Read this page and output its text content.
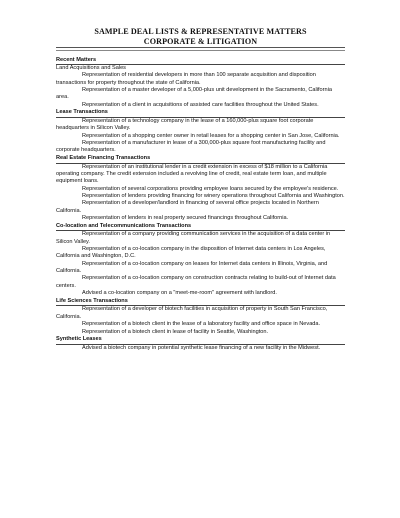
SAMPLE DEAL LISTS & REPRESENTATIVE MATTERS
CORPORATE & LITIGATION
Recent Matters
Land Acquisitions and Sales

Representation of residential developers in more than 100 separate acquisition and disposition transactions for property throughout the state of California.

Representation of a master developer of a 5,000-plus unit development in the Sacramento, California area.

Representation of a client in acquisitions of assisted care facilities throughout the United States.

Lease Transactions

Representation of a technology company in the lease of a 160,000-plus square foot corporate headquarters in Silicon Valley.

Representation of a shopping center owner in retail leases for a shopping center in San Jose, California.

Representation of a manufacturer in lease of a 300,000-plus square foot manufacturing facility and corporate headquarters.

Real Estate Financing Transactions

Representation of an institutional lender in a credit extension in excess of $18 million to a California operating company. The credit extension included a revolving line of credit, real estate term loan, and multiple equipment loans.

Representation of several corporations providing employee loans secured by the employee's residence.

Representation of lenders providing financing for winery operations throughout California and Washington.

Representation of a developer/landlord in financing of several office projects located in Northern California.

Representation of lenders in real property secured financings throughout California.

Co-location and Telecommunications Transactions

Representation of a company providing communication services in the acquisition of a data center in Silicon Valley.

Representation of a co-location company in the disposition of Internet data centers in Los Angeles, California and Washington, D.C.

Representation of a co-location company on leases for Internet data centers in Illinois, Virginia, and California.

Representation of a co-location company on construction contracts relating to build-out of Internet data centers.

Advised a co-location company on a "meet-me-room" agreement with landlord.

Life Sciences Transactions

Representation of a developer of biotech facilities in acquisition of property in South San Francisco, California.

Representation of a biotech client in the lease of a laboratory facility and office space in Nevada.

Representation of a biotech client in lease of facility in Seattle, Washington.

Synthetic Leases

Advised a biotech company in potential synthetic lease financing of a new facility in the Midwest.
